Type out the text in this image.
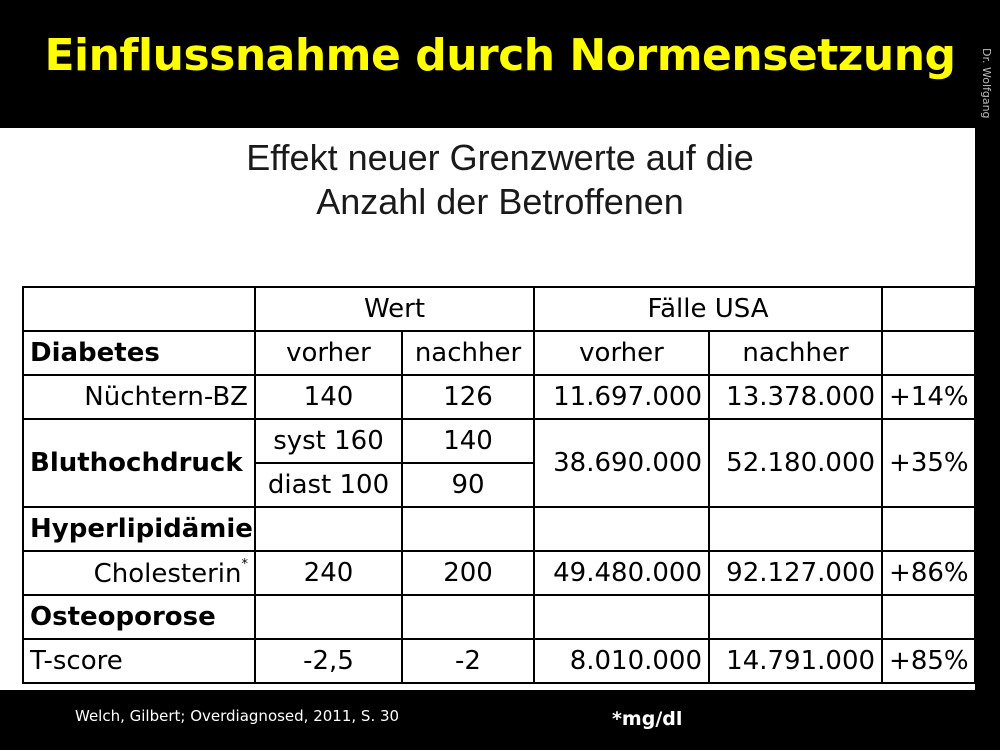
Einflussnahme durch Normensetzung	Dr. Wolfgang
Effekt neuer Grenzwerte auf die
Anzahl der Betroffenen
	Wert		Fälle USA		
Diabetes	vorher	nachher	vorher	nachher	
Nüchtern-BZ	140	126	11.697.000	13.378.000	+14%
Bluthochdruck	syst 160	140	38.690.000	52.180.000	+35%
	diast 100	90			
Hyperlipidämie					
Cholesterin*	240	200	49.480.000	92.127.000	+86%
Osteoporose					
T-score	-2,5	-2	8.010.000	14.791.000	+85%
Welch, Gilbert; Overdiagnosed, 2011, S. 30	*mg/dl
